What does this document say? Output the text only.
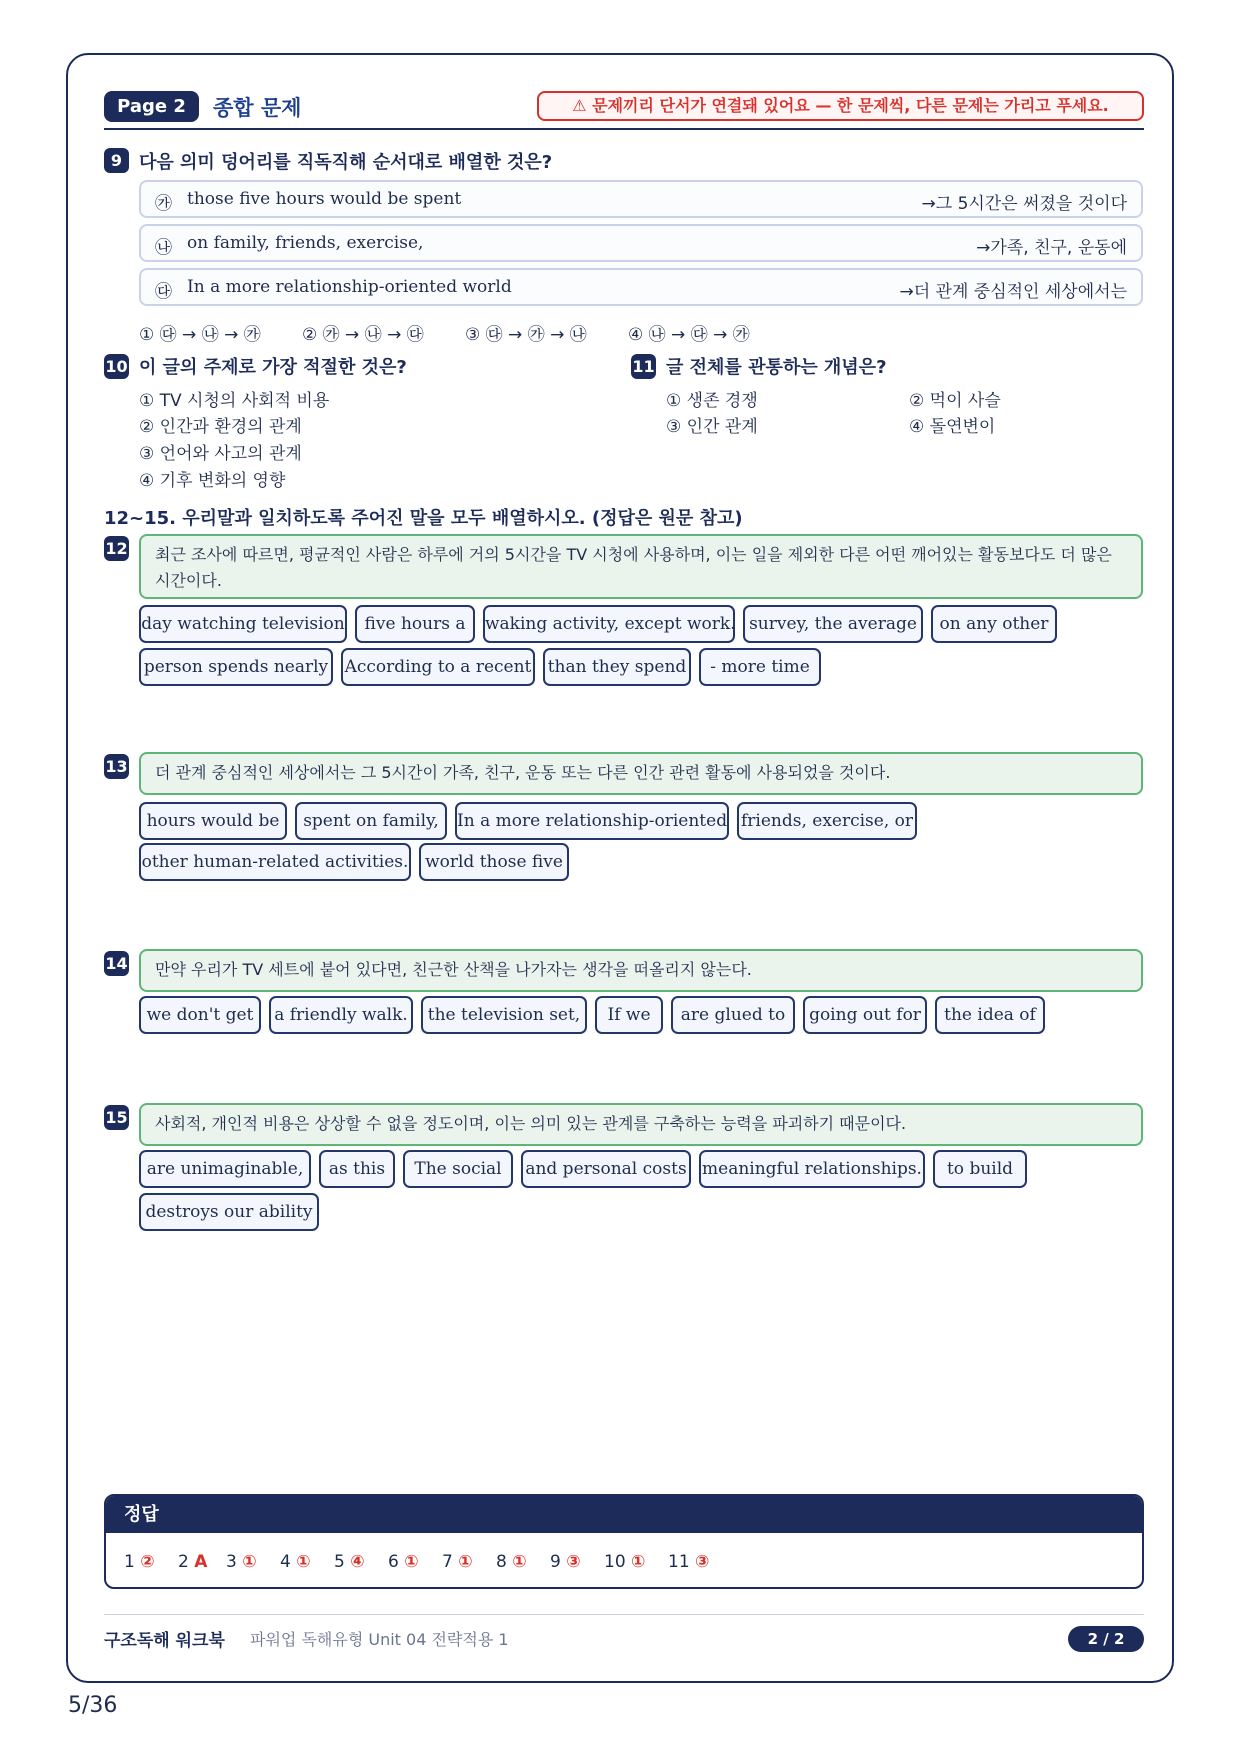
Page 2	종합 문제	⚠ 문제끼리 단서가 연결돼 있어요 — 한 문제씩, 다른 문제는 가리고 푸세요.
9 다음 의미 덩어리를 직독직해 순서대로 배열한 것은?
㉮ those five hours would be spent	→그 5시간은 써졌을 것이다
㉯ on family, friends, exercise,	→가족, 친구, 운동에
㉰ In a more relationship-oriented world	→더 관계 중심적인 세상에서는
① ㉰ → ㉯ → ㉮ ② ㉮ → ㉯ → ㉰ ③ ㉰ → ㉮ → ㉯ ④ ㉯ → ㉰ → ㉮
10 이 글의 주제로 가장 적절한 것은?
① TV 시청의 사회적 비용
② 인간과 환경의 관계
③ 언어와 사고의 관계
④ 기후 변화의 영향
11 글 전체를 관통하는 개념은?
① 생존 경쟁	② 먹이 사슬
③ 인간 관계	④ 돌연변이
12~15. 우리말과 일치하도록 주어진 말을 모두 배열하시오. (정답은 원문 참고)
12	최근 조사에 따르면, 평균적인 사람은 하루에 거의 5시간을 TV 시청에 사용하며, 이는 일을 제외한 다른 어떤 깨어있는 활동보다도 더 많은 시간이다.
day watching television	five hours a	waking activity, except work. survey, the average	on any other
person spends nearly According to a recent than they spend	- more time
13	더 관계 중심적인 세상에서는 그 5시간이 가족, 친구, 운동 또는 다른 인간 관련 활동에 사용되었을 것이다.
hours would be	spent on family,	In a more relationship-oriented friends, exercise, or
other human-related activities. world those five
14	만약 우리가 TV 세트에 붙어 있다면, 친근한 산책을 나가자는 생각을 떠올리지 않는다.
we don't get	a friendly walk.	the television set,	If we	are glued to	going out for	the idea of
15	사회적, 개인적 비용은 상상할 수 없을 정도이며, 이는 의미 있는 관계를 구축하는 능력을 파괴하기 때문이다.
are unimaginable,	as this	The social	and personal costs meaningful relationships.	to build
destroys our ability
정답
1 ② 2 A 3 ① 4 ① 5 ④ 6 ① 7 ① 8 ① 9 ③ 10 ① 11 ③
구조독해 워크북 파워업 독해유형 Unit 04 전략적용 1	2 / 2
5/36
